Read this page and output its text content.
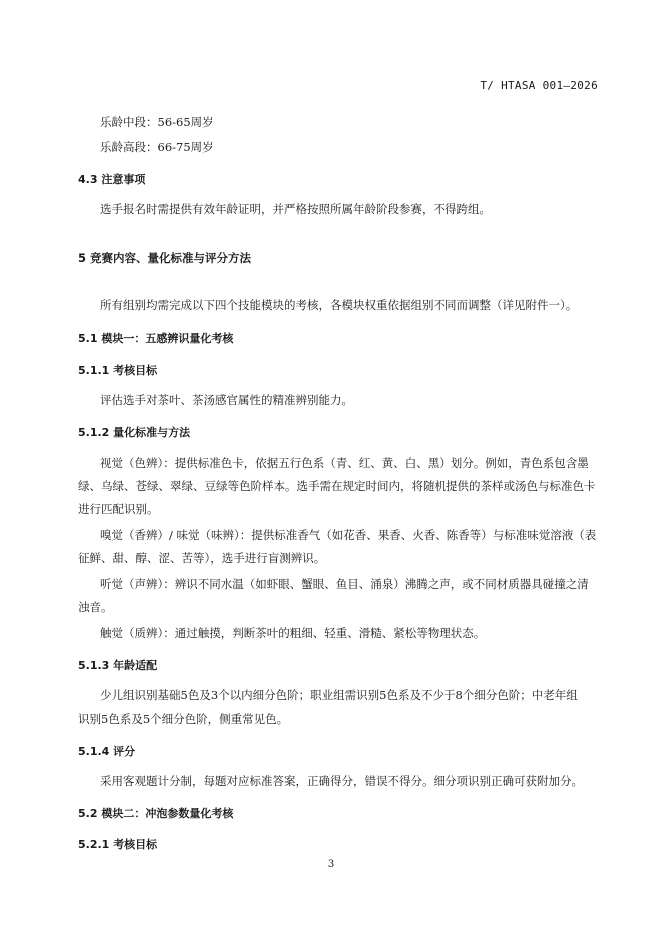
T/ HTASA 001—2026
乐龄中段：56-65周岁
乐龄高段：66-75周岁
4.3 注意事项
选手报名时需提供有效年龄证明，并严格按照所属年龄阶段参赛，不得跨组。
5 竞赛内容、量化标准与评分方法
所有组别均需完成以下四个技能模块的考核，各模块权重依据组别不同而调整（详见附件一）。
5.1 模块一：五感辨识量化考核
5.1.1 考核目标
评估选手对茶叶、茶汤感官属性的精准辨别能力。
5.1.2 量化标准与方法
视觉（色辨）：提供标准色卡，依据五行色系（青、红、黄、白、黑）划分。例如，青色系包含墨
绿、乌绿、苍绿、翠绿、豆绿等色阶样本。选手需在规定时间内，将随机提供的茶样或汤色与标准色卡
进行匹配识别。
嗅觉（香辨）/ 味觉（味辨）：提供标准香气（如花香、果香、火香、陈香等）与标准味觉溶液（表
征鲜、甜、醇、涩、苦等），选手进行盲测辨识。
听觉（声辨）：辨识不同水温（如虾眼、蟹眼、鱼目、涌泉）沸腾之声，或不同材质器具碰撞之清
浊音。
触觉（质辨）：通过触摸，判断茶叶的粗细、轻重、滑糙、紧松等物理状态。
5.1.3 年龄适配
少儿组识别基础5色及3个以内细分色阶；职业组需识别5色系及不少于8个细分色阶；中老年组
识别5色系及5个细分色阶，侧重常见色。
5.1.4 评分
采用客观题计分制，每题对应标准答案，正确得分，错误不得分。细分项识别正确可获附加分。
5.2 模块二：冲泡参数量化考核
5.2.1 考核目标
3
